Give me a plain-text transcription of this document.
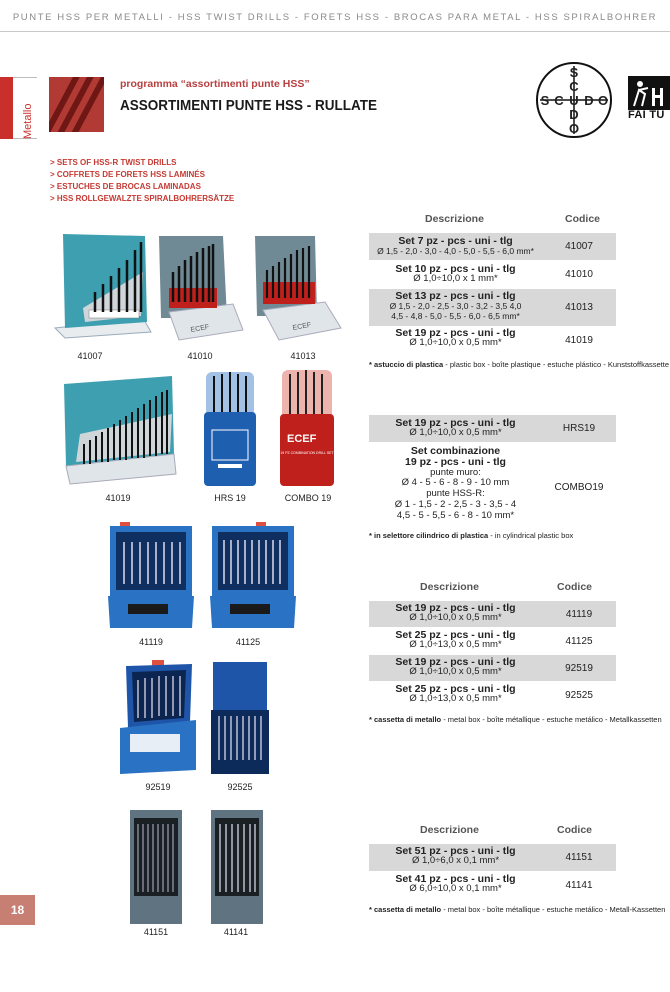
PUNTE HSS PER METALLI - HSS TWIST DRILLS - FORETS HSS - BROCAS PARA METAL - HSS SPIRALBOHRER
Metallo
programma “assortimenti punte HSS”
ASSORTIMENTI PUNTE HSS - RULLATE
S
C
S C U D O
D
O
FAI TU
> SETS OF HSS-R TWIST DRILLS
> COFFRETS DE FORETS HSS LAMINÉS
> ESTUCHES DE BROCAS LAMINADAS
> HSS ROLLGEWALZTE SPIRALBOHRERSÄTZE
41007
ECEF
41010
ECEF
41013
41019	HRS 19
ECEF
19 PZ COMBINATION DRILL SET
COMBO 19
41119	41125
92519	92525
41151	41141
Descrizione	Codice
Set 7 pz - pcs - uni - tlg
Ø 1,5 - 2,0 - 3,0 - 4,0 - 5,0 - 5,5 - 6,0 mm*	41007
Set 10 pz - pcs - uni - tlg
Ø 1,0÷10,0 x 1 mm*	41010
Set 13 pz - pcs - uni - tlg
Ø 1,5 - 2,0 - 2,5 - 3,0 - 3,2 - 3,5 4,0
4,5 - 4,8 - 5,0 - 5,5 - 6,0 - 6,5 mm*
41013
Set 19 pz - pcs - uni - tlg
Ø 1,0÷10,0 x 0,5 mm*	41019
* astuccio di plastica - plastic box - boîte plastique - estuche plástico - Kunststoffkassette
Set 19 pz - pcs - uni - tlg
Ø 1,0÷10,0 x 0,5 mm*	HRS19
Set combinazione
19 pz - pcs - uni - tlg
punte muro:
Ø 4 - 5 - 6 - 8 - 9 - 10 mm
punte HSS-R:
Ø 1 - 1,5 - 2 - 2,5 - 3 - 3,5 - 4
4,5 - 5 - 5,5 - 6 - 8 - 10 mm*
COMBO19
* in selettore cilindrico di plastica - in cylindrical plastic box
Descrizione	Codice
Set 19 pz - pcs - uni - tlg
Ø 1,0÷10,0 x 0,5 mm*	41119
Set 25 pz - pcs - uni - tlg
Ø 1,0÷13,0 x 0,5 mm*	41125
Set 19 pz - pcs - uni - tlg
Ø 1,0÷10,0 x 0,5 mm*	92519
Set 25 pz - pcs - uni - tlg
Ø 1,0÷13,0 x 0,5 mm*	92525
* cassetta di metallo - metal box - boîte métallique - estuche metálico - Metallkassetten
Descrizione	Codice
Set 51 pz - pcs - uni - tlg
Ø 1,0÷6,0 x 0,1 mm*	41151
Set 41 pz - pcs - uni - tlg
Ø 6,0÷10,0 x 0,1 mm*	41141
* cassetta di metallo - metal box - boîte métallique - estuche metálico - Metall-Kassetten
18
